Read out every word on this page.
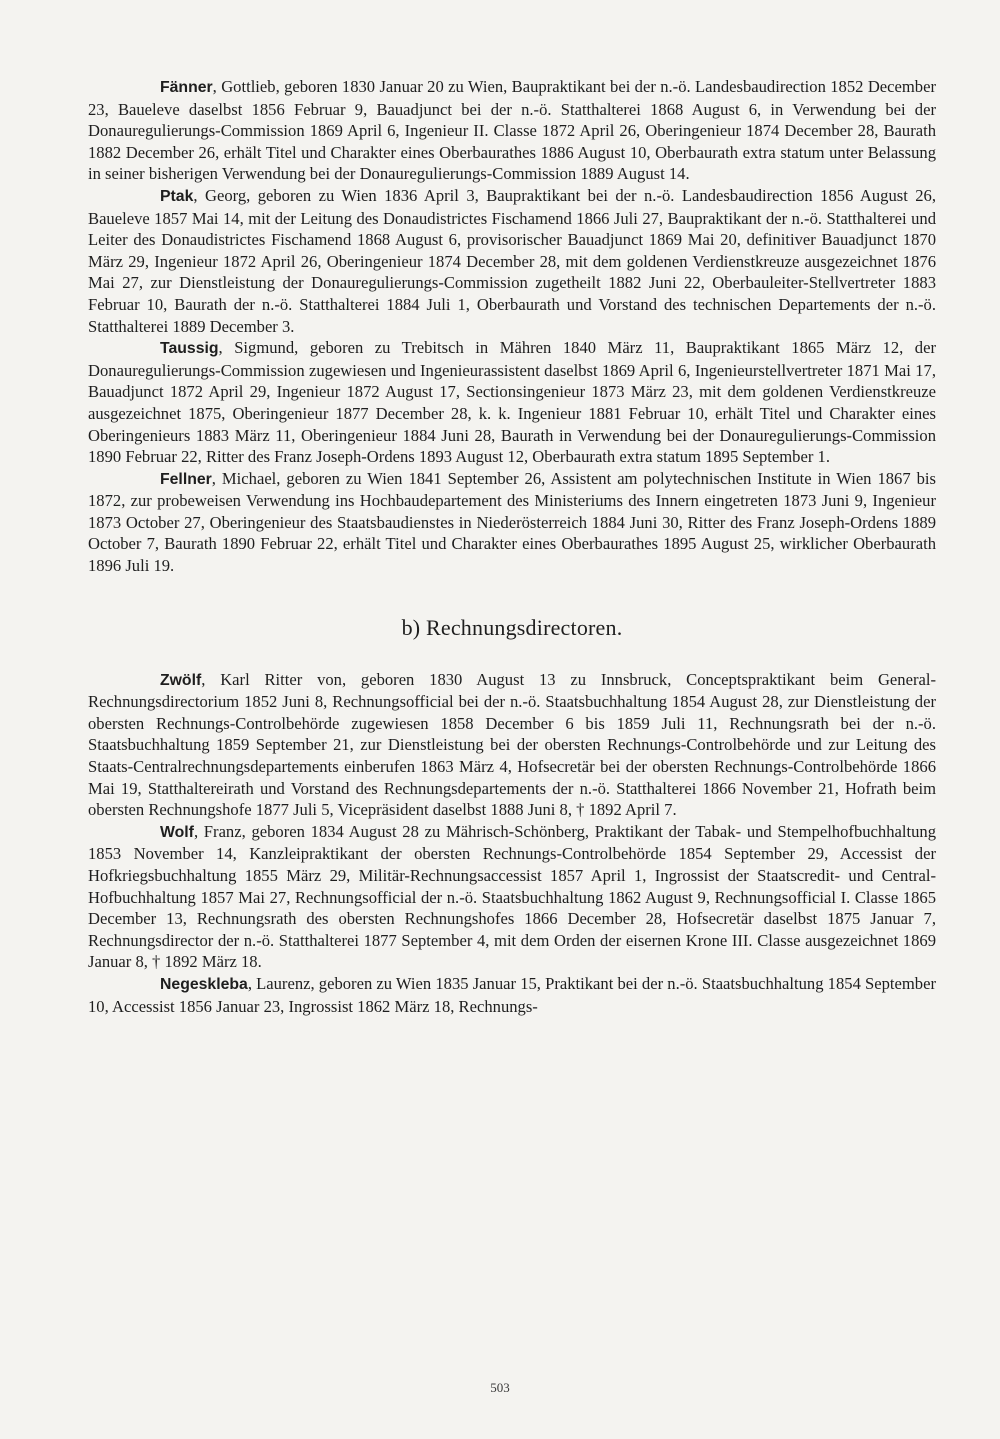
Fänner, Gottlieb, geboren 1830 Januar 20 zu Wien, Baupraktikant bei der n.-ö. Landesbaudirection 1852 December 23, Baueleve daselbst 1856 Februar 9, Bauadjunct bei der n.-ö. Statthalterei 1868 August 6, in Verwendung bei der Donauregulierungs-Commission 1869 April 6, Ingenieur II. Classe 1872 April 26, Oberingenieur 1874 December 28, Baurath 1882 December 26, erhält Titel und Charakter eines Oberbaurathes 1886 August 10, Oberbaurath extra statum unter Belassung in seiner bisherigen Verwendung bei der Donauregulierungs-Commission 1889 August 14.

Ptak, Georg, geboren zu Wien 1836 April 3, Baupraktikant bei der n.-ö. Landesbaudirection 1856 August 26, Baueleve 1857 Mai 14, mit der Leitung des Donaudistrictes Fischamend 1866 Juli 27, Baupraktikant der n.-ö. Statthalterei und Leiter des Donaudistrictes Fischamend 1868 August 6, provisorischer Bauadjunct 1869 Mai 20, definitiver Bauadjunct 1870 März 29, Ingenieur 1872 April 26, Oberingenieur 1874 December 28, mit dem goldenen Verdienstkreuze ausgezeichnet 1876 Mai 27, zur Dienstleistung der Donauregulierungs-Commission zugetheilt 1882 Juni 22, Oberbauleiter-Stellvertreter 1883 Februar 10, Baurath der n.-ö. Statthalterei 1884 Juli 1, Oberbaurath und Vorstand des technischen Departements der n.-ö. Statthalterei 1889 December 3.

Taussig, Sigmund, geboren zu Trebitsch in Mähren 1840 März 11, Baupraktikant 1865 März 12, der Donauregulierungs-Commission zugewiesen und Ingenieurassistent daselbst 1869 April 6, Ingenieurstellvertreter 1871 Mai 17, Bauadjunct 1872 April 29, Ingenieur 1872 August 17, Sectionsingenieur 1873 März 23, mit dem goldenen Verdienstkreuze ausgezeichnet 1875, Oberingenieur 1877 December 28, k. k. Ingenieur 1881 Februar 10, erhält Titel und Charakter eines Oberingenieurs 1883 März 11, Oberingenieur 1884 Juni 28, Baurath in Verwendung bei der Donauregulierungs-Commission 1890 Februar 22, Ritter des Franz Joseph-Ordens 1893 August 12, Oberbaurath extra statum 1895 September 1.

Fellner, Michael, geboren zu Wien 1841 September 26, Assistent am polytechnischen Institute in Wien 1867 bis 1872, zur probeweisen Verwendung ins Hochbaudepartement des Ministeriums des Innern eingetreten 1873 Juni 9, Ingenieur 1873 October 27, Oberingenieur des Staatsbaudienstes in Niederösterreich 1884 Juni 30, Ritter des Franz Joseph-Ordens 1889 October 7, Baurath 1890 Februar 22, erhält Titel und Charakter eines Oberbaurathes 1895 August 25, wirklicher Oberbaurath 1896 Juli 19.

b) Rechnungsdirectoren.

Zwölf, Karl Ritter von, geboren 1830 August 13 zu Innsbruck, Conceptspraktikant beim General-Rechnungsdirectorium 1852 Juni 8, Rechnungsofficial bei der n.-ö. Staatsbuchhaltung 1854 August 28, zur Dienstleistung der obersten Rechnungs-Controlbehörde zugewiesen 1858 December 6 bis 1859 Juli 11, Rechnungsrath bei der n.-ö. Staatsbuchhaltung 1859 September 21, zur Dienstleistung bei der obersten Rechnungs-Controlbehörde und zur Leitung des Staats-Centralrechnungsdepartements einberufen 1863 März 4, Hofsecretär bei der obersten Rechnungs-Controlbehörde 1866 Mai 19, Statthaltereirath und Vorstand des Rechnungsdepartements der n.-ö. Statthalterei 1866 November 21, Hofrath beim obersten Rechnungshofe 1877 Juli 5, Vicepräsident daselbst 1888 Juni 8, † 1892 April 7.

Wolf, Franz, geboren 1834 August 28 zu Mährisch-Schönberg, Praktikant der Tabak- und Stempelhofbuchhaltung 1853 November 14, Kanzleipraktikant der obersten Rechnungs-Controlbehörde 1854 September 29, Accessist der Hofkriegsbuchhaltung 1855 März 29, Militär-Rechnungsaccessist 1857 April 1, Ingrossist der Staatscredit- und Central-Hofbuchhaltung 1857 Mai 27, Rechnungsofficial der n.-ö. Staatsbuchhaltung 1862 August 9, Rechnungsofficial I. Classe 1865 December 13, Rechnungsrath des obersten Rechnungshofes 1866 December 28, Hofsecretär daselbst 1875 Januar 7, Rechnungsdirector der n.-ö. Statthalterei 1877 September 4, mit dem Orden der eisernen Krone III. Classe ausgezeichnet 1869 Januar 8, † 1892 März 18.

Negeskleba, Laurenz, geboren zu Wien 1835 Januar 15, Praktikant bei der n.-ö. Staatsbuchhaltung 1854 September 10, Accessist 1856 Januar 23, Ingrossist 1862 März 18, Rechnungs-

503
